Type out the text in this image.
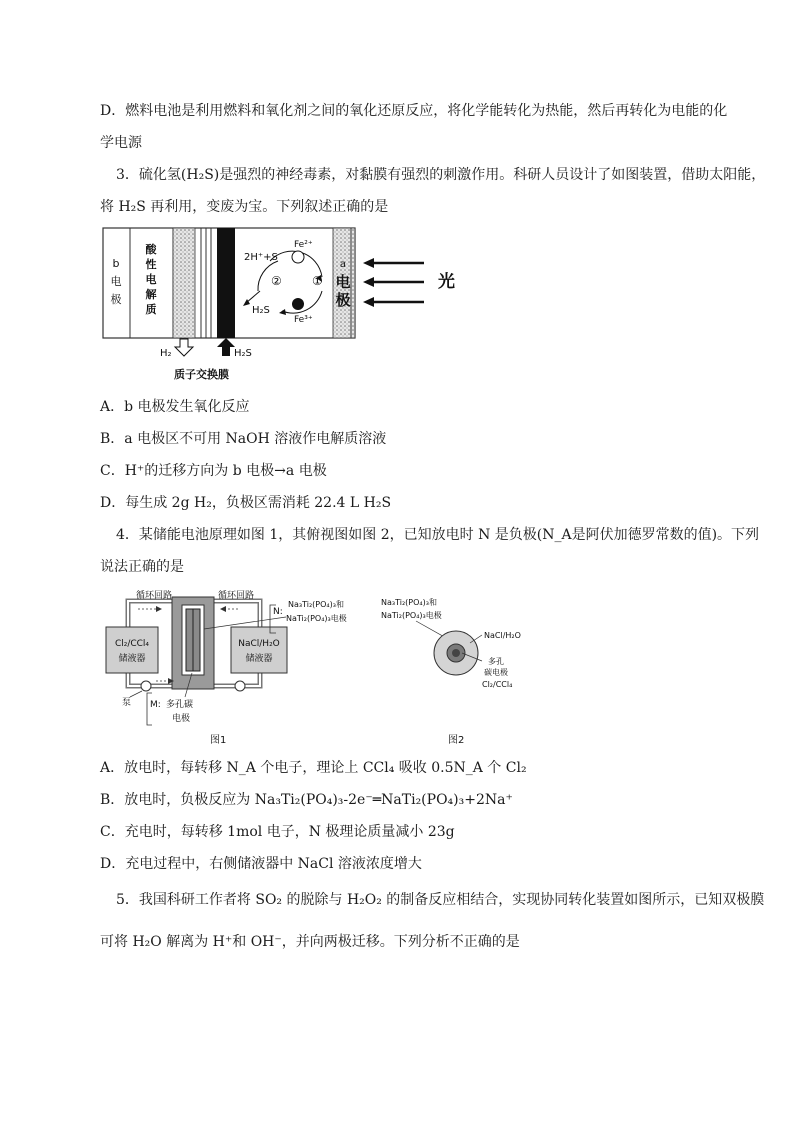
D．燃料电池是利用燃料和氧化剂之间的氧化还原反应，将化学能转化为热能，然后再转化为电能的化
学电源
3．硫化氢(H₂S)是强烈的神经毒素，对黏膜有强烈的刺激作用。科研人员设计了如图装置，借助太阳能，
将 H₂S 再利用，变废为宝。下列叙述正确的是
b
电
极
酸
性
电
解
质
a
电
极
Fe²⁺
Fe³⁺
2H⁺+S
②	①
H₂S
光
H₂	H₂S
质子交换膜
A．b 电极发生氧化反应
B．a 电极区不可用 NaOH 溶液作电解质溶液
C．H⁺的迁移方向为 b 电极→a 电极
D．每生成 2g H₂，负极区需消耗 22.4 L H₂S
4．某储能电池原理如图 1，其俯视图如图 2，已知放电时 N 是负极(N_A是阿伏加德罗常数的值)。下列
说法正确的是
Cl₂/CCl₄
储液器
NaCl/H₂O
储液器
循环回路	循环回路
N:
Na₃Ti₂(PO₄)₃和
NaTi₂(PO₄)₃电极
泵 M: 多孔碳
电极
图1
Na₃Ti₂(PO₄)₃和
NaTi₂(PO₄)₃电极
NaCl/H₂O
多孔
碳电极
Cl₂/CCl₄
图2
A．放电时，每转移 N_A 个电子，理论上 CCl₄ 吸收 0.5N_A 个 Cl₂
B．放电时，负极反应为 Na₃Ti₂(PO₄)₃-2e⁻═NaTi₂(PO₄)₃+2Na⁺
C．充电时，每转移 1mol 电子，N 极理论质量减小 23g
D．充电过程中，右侧储液器中 NaCl 溶液浓度增大
5．我国科研工作者将 SO₂ 的脱除与 H₂O₂ 的制备反应相结合，实现协同转化装置如图所示，已知双极膜
可将 H₂O 解离为 H⁺和 OH⁻，并向两极迁移。下列分析不正确的是
